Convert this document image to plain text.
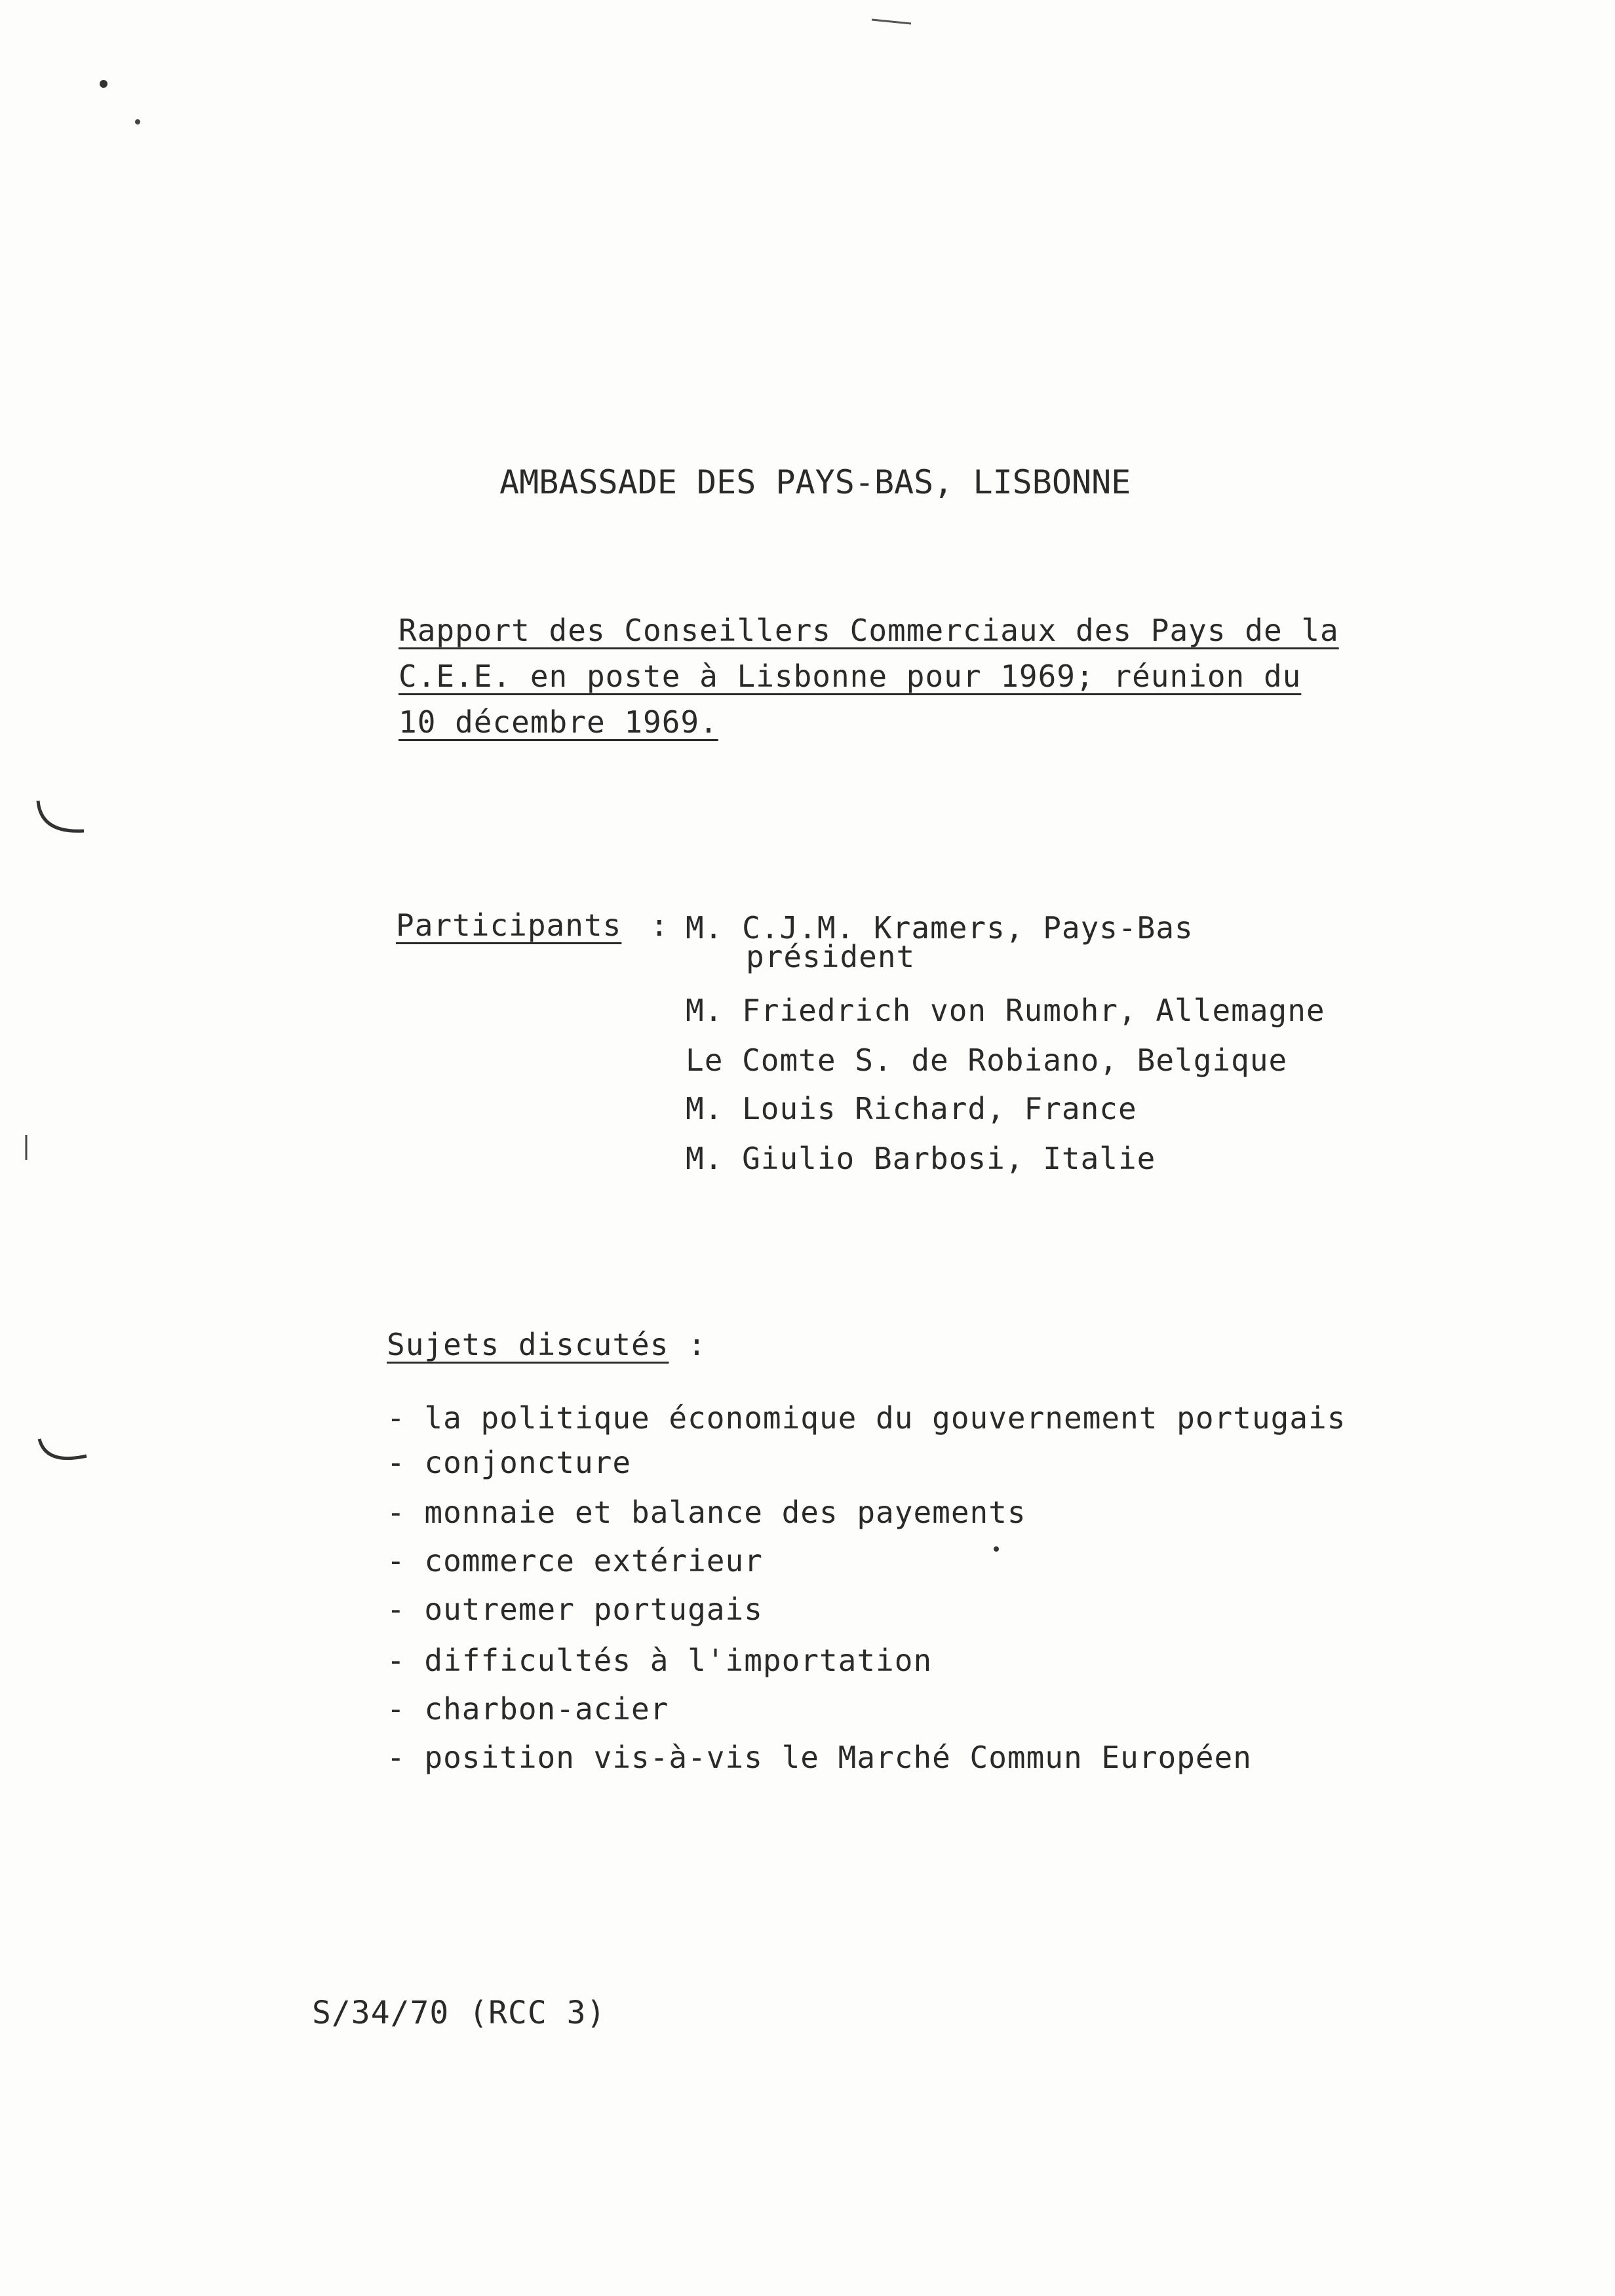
AMBASSADE DES PAYS-BAS, LISBONNE
Rapport des Conseillers Commerciaux des Pays de la
C.E.E. en poste à Lisbonne pour 1969; réunion du
10 décembre 1969.
Participants : M. C.J.M. Kramers, Pays-Bas
président
M. Friedrich von Rumohr, Allemagne
Le Comte S. de Robiano, Belgique
M. Louis Richard, France
M. Giulio Barbosi, Italie
Sujets discutés :
- la politique économique du gouvernement portugais
- conjoncture
- monnaie et balance des payements
- commerce extérieur
- outremer portugais
- difficultés à l'importation
- charbon-acier
- position vis-à-vis le Marché Commun Européen
S/34/70 (RCC 3)
